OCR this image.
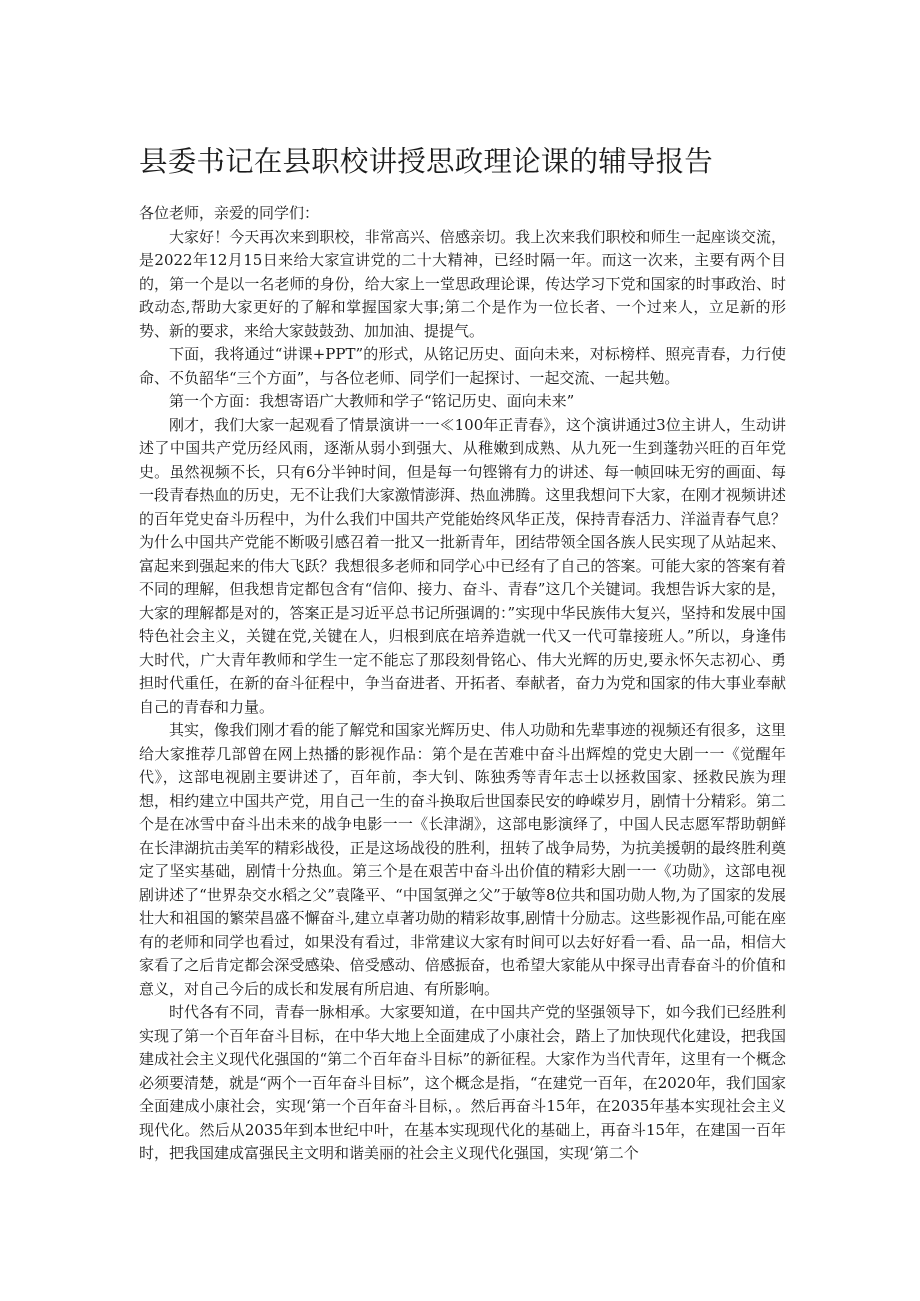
县委书记在县职校讲授思政理论课的辅导报告

各位老师，亲爱的同学们：

大家好！今天再次来到职校，非常高兴、倍感亲切。我上次来我们职校和师生一起座谈交流，是2022年12月15日来给大家宣讲党的二十大精神，已经时隔一年。而这一次来，主要有两个目的，第一个是以一名老师的身份，给大家上一堂思政理论课，传达学习下党和国家的时事政治、时政动态,帮助大家更好的了解和掌握国家大事;第二个是作为一位长者、一个过来人，立足新的形势、新的要求，来给大家鼓鼓劲、加加油、提提气。

下面，我将通过“讲课+PPT”的形式，从铭记历史、面向未来，对标榜样、照亮青春，力行使命、不负韶华“三个方面”，与各位老师、同学们一起探讨、一起交流、一起共勉。

第一个方面：我想寄语广大教师和学子“铭记历史、面向未来”

刚才，我们大家一起观看了情景演讲一一≪100年正青春》，这个演讲通过3位主讲人，生动讲述了中国共产党历经风雨，逐渐从弱小到强大、从稚嫩到成熟、从九死一生到蓬勃兴旺的百年党史。虽然视频不长，只有6分半钟时间，但是每一句铿锵有力的讲述、每一帧回味无穷的画面、每一段青春热血的历史，无不让我们大家激情澎湃、热血沸腾。这里我想问下大家，在刚才视频讲述的百年党史奋斗历程中，为什么我们中国共产党能始终风华正茂，保持青春活力、洋溢青春气息？为什么中国共产党能不断吸引感召着一批又一批新青年，团结带领全国各族人民实现了从站起来、富起来到强起来的伟大飞跃？我想很多老师和同学心中已经有了自己的答案。可能大家的答案有着不同的理解，但我想肯定都包含有“信仰、接力、奋斗、青春”这几个关键词。我想告诉大家的是，大家的理解都是对的，答案正是习近平总书记所强调的：”实现中华民族伟大复兴，坚持和发展中国特色社会主义，关键在党,关键在人，归根到底在培养造就一代又一代可靠接班人。”所以，身逢伟大时代，广大青年教师和学生一定不能忘了那段刻骨铭心、伟大光辉的历史,要永怀矢志初心、勇担时代重任，在新的奋斗征程中，争当奋进者、开拓者、奉献者，奋力为党和国家的伟大事业奉献自己的青春和力量。

其实，像我们刚才看的能了解党和国家光辉历史、伟人功勋和先辈事迹的视频还有很多，这里给大家推荐几部曾在网上热播的影视作品：第个是在苦难中奋斗出辉煌的党史大剧一一《觉醒年代》，这部电视剧主要讲述了，百年前，李大钊、陈独秀等青年志士以拯救国家、拯救民族为理想，相约建立中国共产党，用自己一生的奋斗换取后世国泰民安的峥嵘岁月，剧情十分精彩。第二个是在冰雪中奋斗出未来的战争电影一一《长津湖》，这部电影演绎了，中国人民志愿军帮助朝鲜在长津湖抗击美军的精彩战役，正是这场战役的胜利，扭转了战争局势，为抗美援朝的最终胜利奠定了坚实基础，剧情十分热血。第三个是在艰苦中奋斗出价值的精彩大剧一一《功勋》，这部电视剧讲述了“世界杂交水稻之父”袁隆平、“中国氢弹之父”于敏等8位共和国功勋人物,为了国家的发展壮大和祖国的繁荣昌盛不懈奋斗,建立卓著功勋的精彩故事,剧情十分励志。这些影视作品,可能在座有的老师和同学也看过，如果没有看过，非常建议大家有时间可以去好好看一看、品一品，相信大家看了之后肯定都会深受感染、倍受感动、倍感振奋，也希望大家能从中探寻出青春奋斗的价值和意义，对自己今后的成长和发展有所启迪、有所影响。

时代各有不同，青春一脉相承。大家要知道，在中国共产党的坚强领导下，如今我们已经胜利实现了第一个百年奋斗目标，在中华大地上全面建成了小康社会，踏上了加快现代化建设，把我国建成社会主义现代化强国的“第二个百年奋斗目标”的新征程。大家作为当代青年，这里有一个概念必须要清楚，就是“两个一百年奋斗目标”，这个概念是指，“在建党一百年，在2020年，我们国家全面建成小康社会，实现‘第一个百年奋斗目标，。然后再奋斗15年，在2035年基本实现社会主义现代化。然后从2035年到本世纪中叶，在基本实现现代化的基础上，再奋斗15年，在建国一百年时，把我国建成富强民主文明和谐美丽的社会主义现代化强国，实现‘第二个
